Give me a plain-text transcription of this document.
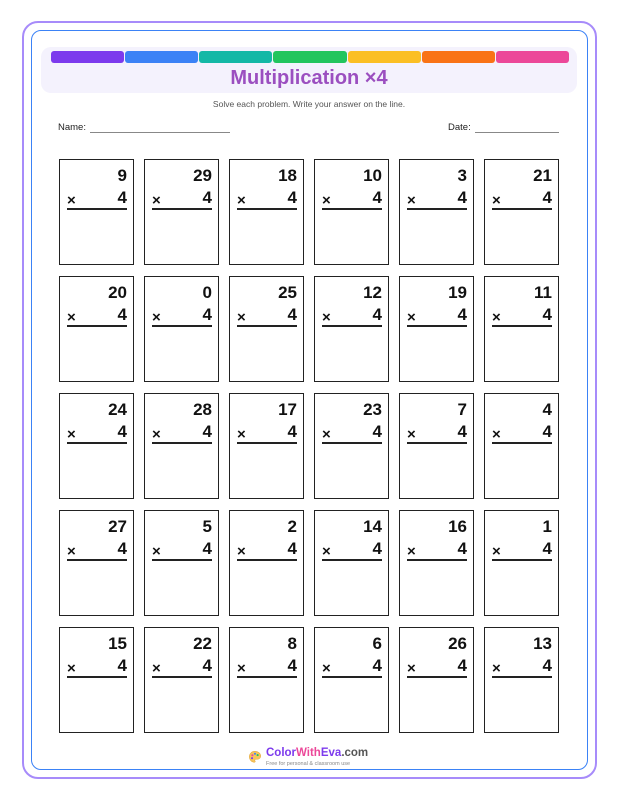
Multiplication ×4
Solve each problem. Write your answer on the line.
Name:	Date:
9
× 4
29
× 4
18
× 4
10
× 4
3
× 4
21
× 4
20
× 4
0
× 4
25
× 4
12
× 4
19
× 4
11
× 4
24
× 4
28
× 4
17
× 4
23
× 4
7
× 4
4
× 4
27
× 4
5
× 4
2
× 4
14
× 4
16
× 4
1
× 4
15
× 4
22
× 4
8
× 4
6
× 4
26
× 4
13
× 4
ColorWithEva.com
Free for personal & classroom use
